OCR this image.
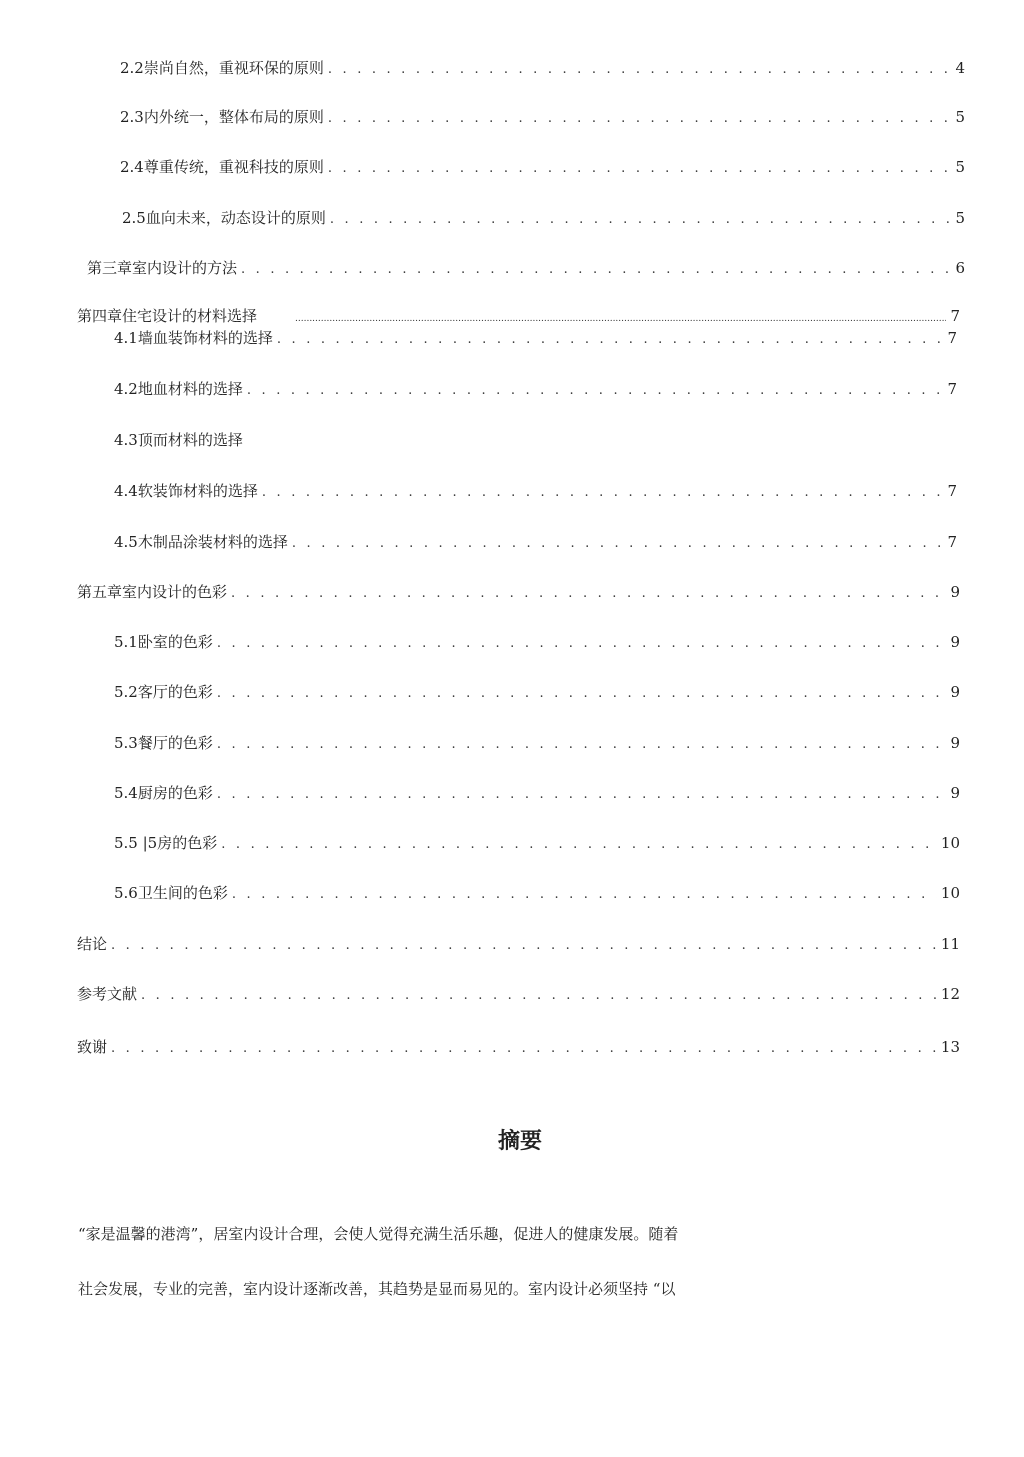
2.2崇尚自然，重视环保的原则 . . .	4
2.3内外统一，整体布局的原则 . . .	5
2.4尊重传统，重视科技的原则 . . .	5
2.5血向未来，动态设计的原则 . . .	5
第三章室内设计的方法 . . .	6
第四章住宅设计的材料选择 .....	7
4.1墙血装饰材料的选择 . . .	7
4.2地血材料的选择 . . .	7
4.3顶而材料的选择
4.4软装饰材料的选择 . . .	7
4.5木制品涂装材料的选择 . . .	7
第五章室内设计的色彩 . . .	9
5.1卧室的色彩 . . .	9
5.2客厅的色彩 . . .	9
5.3餐厅的色彩 . . .	9
5.4厨房的色彩 . . .	9
5.5 |5房的色彩 . . .	10
5.6卫生间的色彩 . . .	10
结论 . . .	11
参考文献 . . .	12
致谢 . . .	13
摘要
“家是温馨的港湾”，居室内设计合理，会使人觉得充满生活乐趣，促进人的健康发展。随着
社会发展，专业的完善，室内设计逐渐改善，其趋势是显而易见的。室内设计必须坚持 “以
